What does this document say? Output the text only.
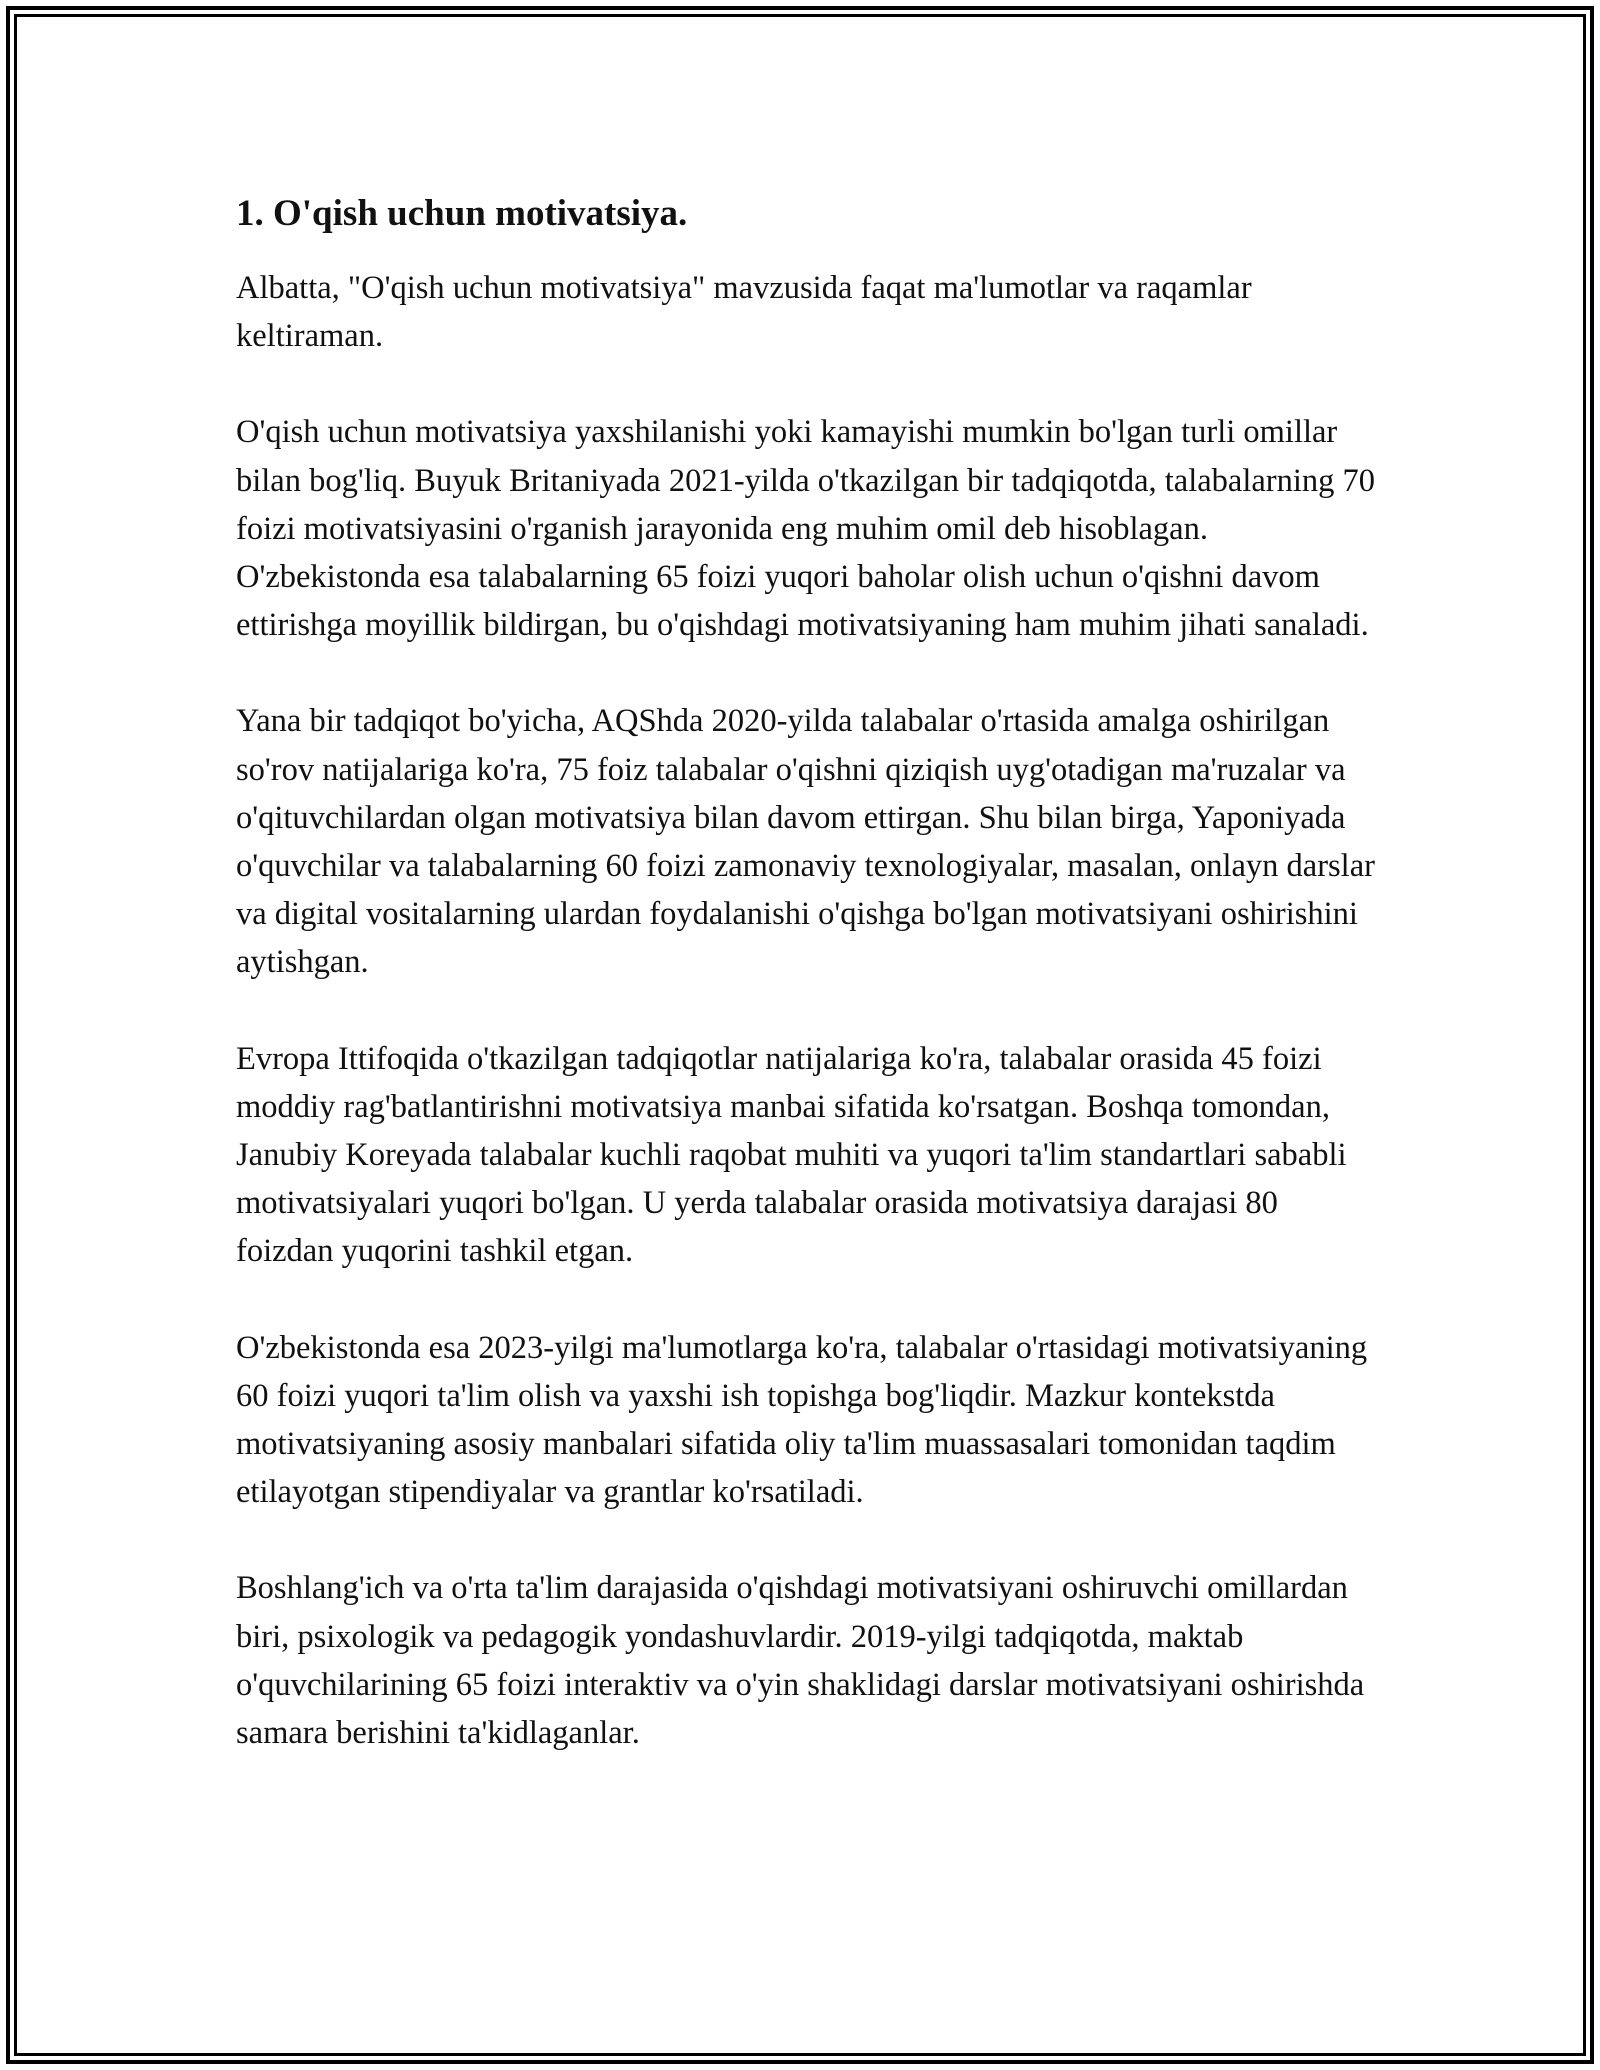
1. O'qish uchun motivatsiya.

Albatta, "O'qish uchun motivatsiya" mavzusida faqat ma'lumotlar va raqamlar keltiraman.

O'qish uchun motivatsiya yaxshilanishi yoki kamayishi mumkin bo'lgan turli omillar bilan bog'liq. Buyuk Britaniyada 2021-yilda o'tkazilgan bir tadqiqotda, talabalarning 70 foizi motivatsiyasini o'rganish jarayonida eng muhim omil deb hisoblagan. O'zbekistonda esa talabalarning 65 foizi yuqori baholar olish uchun o'qishni davom ettirishga moyillik bildirgan, bu o'qishdagi motivatsiyaning ham muhim jihati sanaladi.

Yana bir tadqiqot bo'yicha, AQShda 2020-yilda talabalar o'rtasida amalga oshirilgan so'rov natijalariga ko'ra, 75 foiz talabalar o'qishni qiziqish uyg'otadigan ma'ruzalar va o'qituvchilardan olgan motivatsiya bilan davom ettirgan. Shu bilan birga, Yaponiyada o'quvchilar va talabalarning 60 foizi zamonaviy texnologiyalar, masalan, onlayn darslar va digital vositalarning ulardan foydalanishi o'qishga bo'lgan motivatsiyani oshirishini aytishgan.

Evropa Ittifoqida o'tkazilgan tadqiqotlar natijalariga ko'ra, talabalar orasida 45 foizi moddiy rag'batlantirishni motivatsiya manbai sifatida ko'rsatgan. Boshqa tomondan, Janubiy Koreyada talabalar kuchli raqobat muhiti va yuqori ta'lim standartlari sababli motivatsiyalari yuqori bo'lgan. U yerda talabalar orasida motivatsiya darajasi 80 foizdan yuqorini tashkil etgan.

O'zbekistonda esa 2023-yilgi ma'lumotlarga ko'ra, talabalar o'rtasidagi motivatsiyaning 60 foizi yuqori ta'lim olish va yaxshi ish topishga bog'liqdir. Mazkur kontekstda motivatsiyaning asosiy manbalari sifatida oliy ta'lim muassasalari tomonidan taqdim etilayotgan stipendiyalar va grantlar ko'rsatiladi.

Boshlang'ich va o'rta ta'lim darajasida o'qishdagi motivatsiyani oshiruvchi omillardan biri, psixologik va pedagogik yondashuvlardir. 2019-yilgi tadqiqotda, maktab o'quvchilarining 65 foizi interaktiv va o'yin shaklidagi darslar motivatsiyani oshirishda samara berishini ta'kidlaganlar.
